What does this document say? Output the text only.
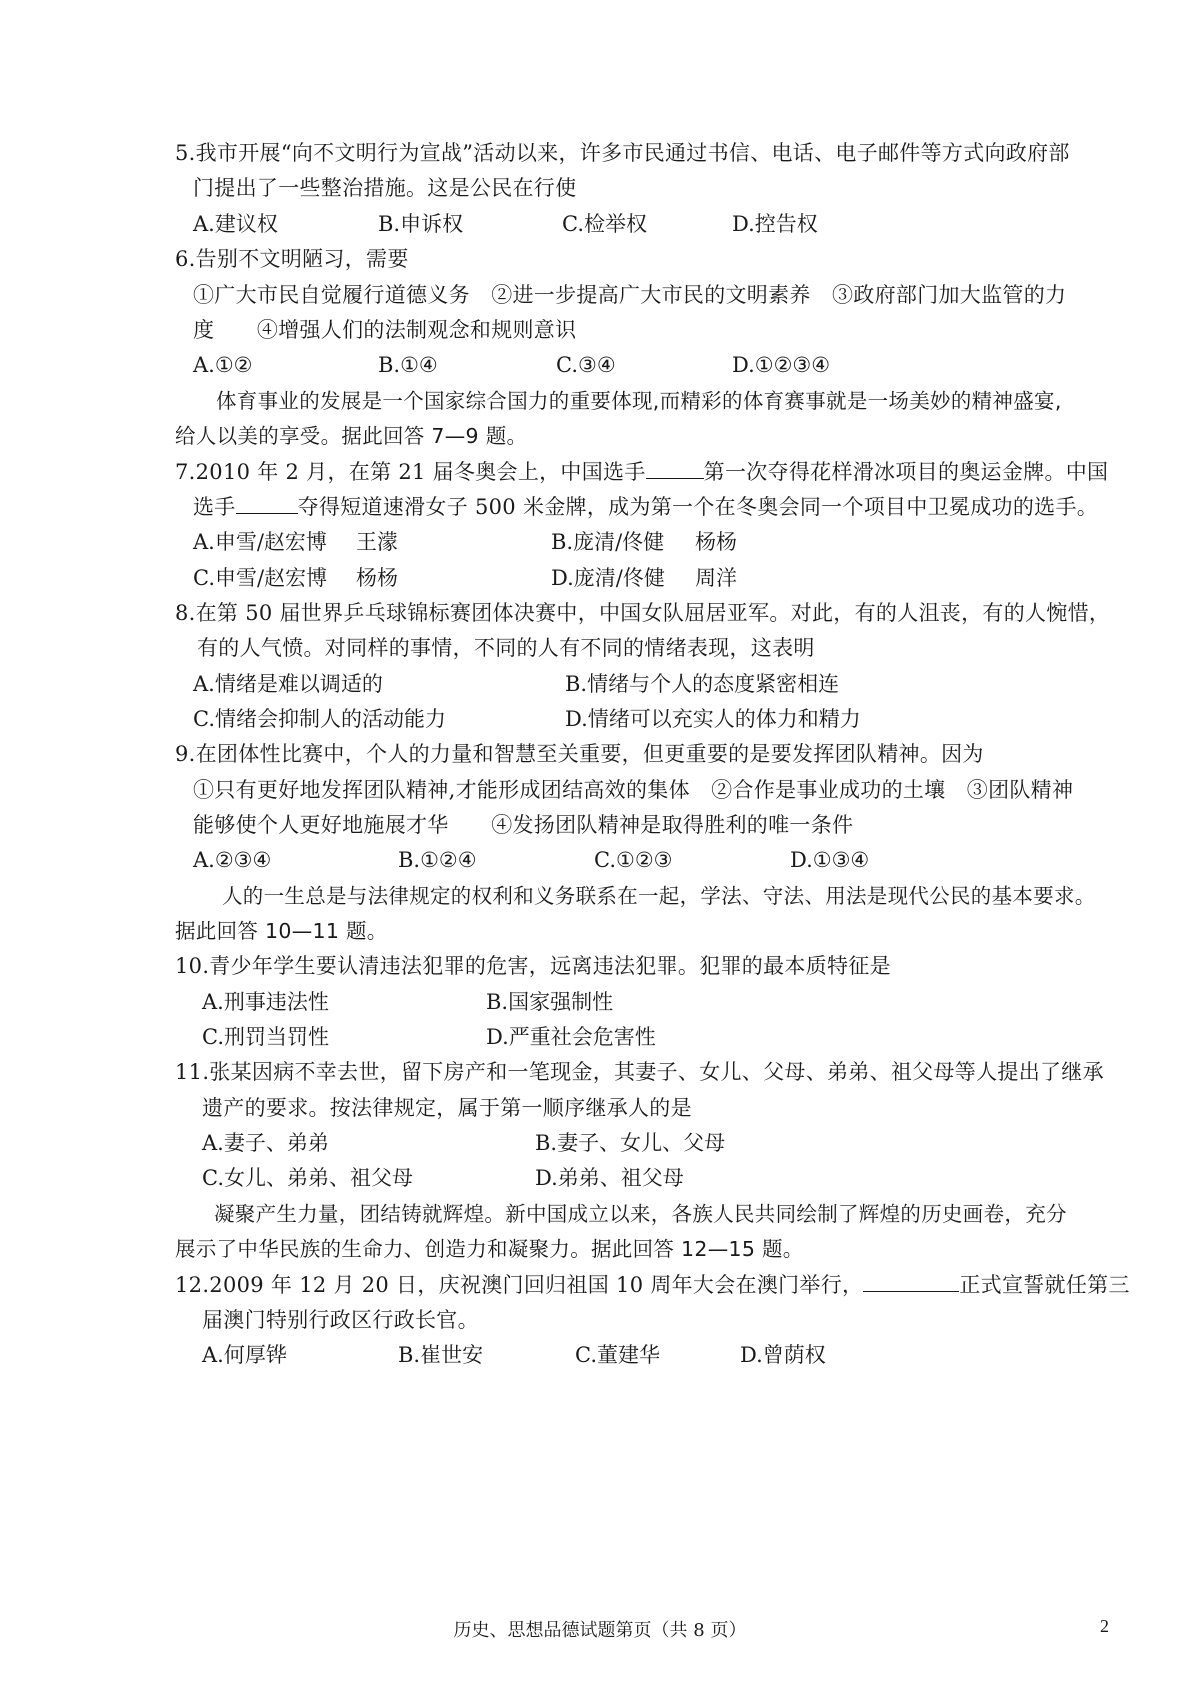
5.我市开展“向不文明行为宣战”活动以来，许多市民通过书信、电话、电子邮件等方式向政府部
门提出了一些整治措施。这是公民在行使
A.建议权	B.申诉权	C.检举权	D.控告权
6.告别不文明陋习，需要
①广大市民自觉履行道德义务　②进一步提高广大市民的文明素养　③政府部门加大监管的力
度　　④增强人们的法制观念和规则意识
A.①②	B.①④	C.③④	D.①②③④
体育事业的发展是一个国家综合国力的重要体现,而精彩的体育赛事就是一场美妙的精神盛宴,
给人以美的享受。据此回答 7—9 题。
7.2010 年 2 月，在第 21 届冬奥会上，中国选手	第一次夺得花样滑冰项目的奥运金牌。中国
选手	夺得短道速滑女子 500 米金牌，成为第一个在冬奥会同一个项目中卫冕成功的选手。
A.申雪/赵宏博 王濛	B.庞清/佟健 杨杨
C.申雪/赵宏博 杨杨	D.庞清/佟健 周洋
8.在第 50 届世界乒乓球锦标赛团体决赛中，中国女队屈居亚军。对此，有的人沮丧，有的人惋惜，
有的人气愤。对同样的事情，不同的人有不同的情绪表现，这表明
A.情绪是难以调适的	B.情绪与个人的态度紧密相连
C.情绪会抑制人的活动能力	D.情绪可以充实人的体力和精力
9.在团体性比赛中，个人的力量和智慧至关重要，但更重要的是要发挥团队精神。因为
①只有更好地发挥团队精神,才能形成团结高效的集体　②合作是事业成功的土壤　③团队精神
能够使个人更好地施展才华　　④发扬团队精神是取得胜利的唯一条件
A.②③④	B.①②④	C.①②③	D.①③④
人的一生总是与法律规定的权利和义务联系在一起，学法、守法、用法是现代公民的基本要求。
据此回答 10—11 题。
10.青少年学生要认清违法犯罪的危害，远离违法犯罪。犯罪的最本质特征是
A.刑事违法性	B.国家强制性
C.刑罚当罚性	D.严重社会危害性
11.张某因病不幸去世，留下房产和一笔现金，其妻子、女儿、父母、弟弟、祖父母等人提出了继承
遗产的要求。按法律规定，属于第一顺序继承人的是
A.妻子、弟弟	B.妻子、女儿、父母
C.女儿、弟弟、祖父母	D.弟弟、祖父母
凝聚产生力量，团结铸就辉煌。新中国成立以来，各族人民共同绘制了辉煌的历史画卷，充分
展示了中华民族的生命力、创造力和凝聚力。据此回答 12—15 题。
12.2009 年 12 月 20 日，庆祝澳门回归祖国 10 周年大会在澳门举行，	正式宣誓就任第三
届澳门特别行政区行政长官。
A.何厚铧	B.崔世安	C.董建华	D.曾荫权
历史、思想品德试题第页（共 8 页）	2
